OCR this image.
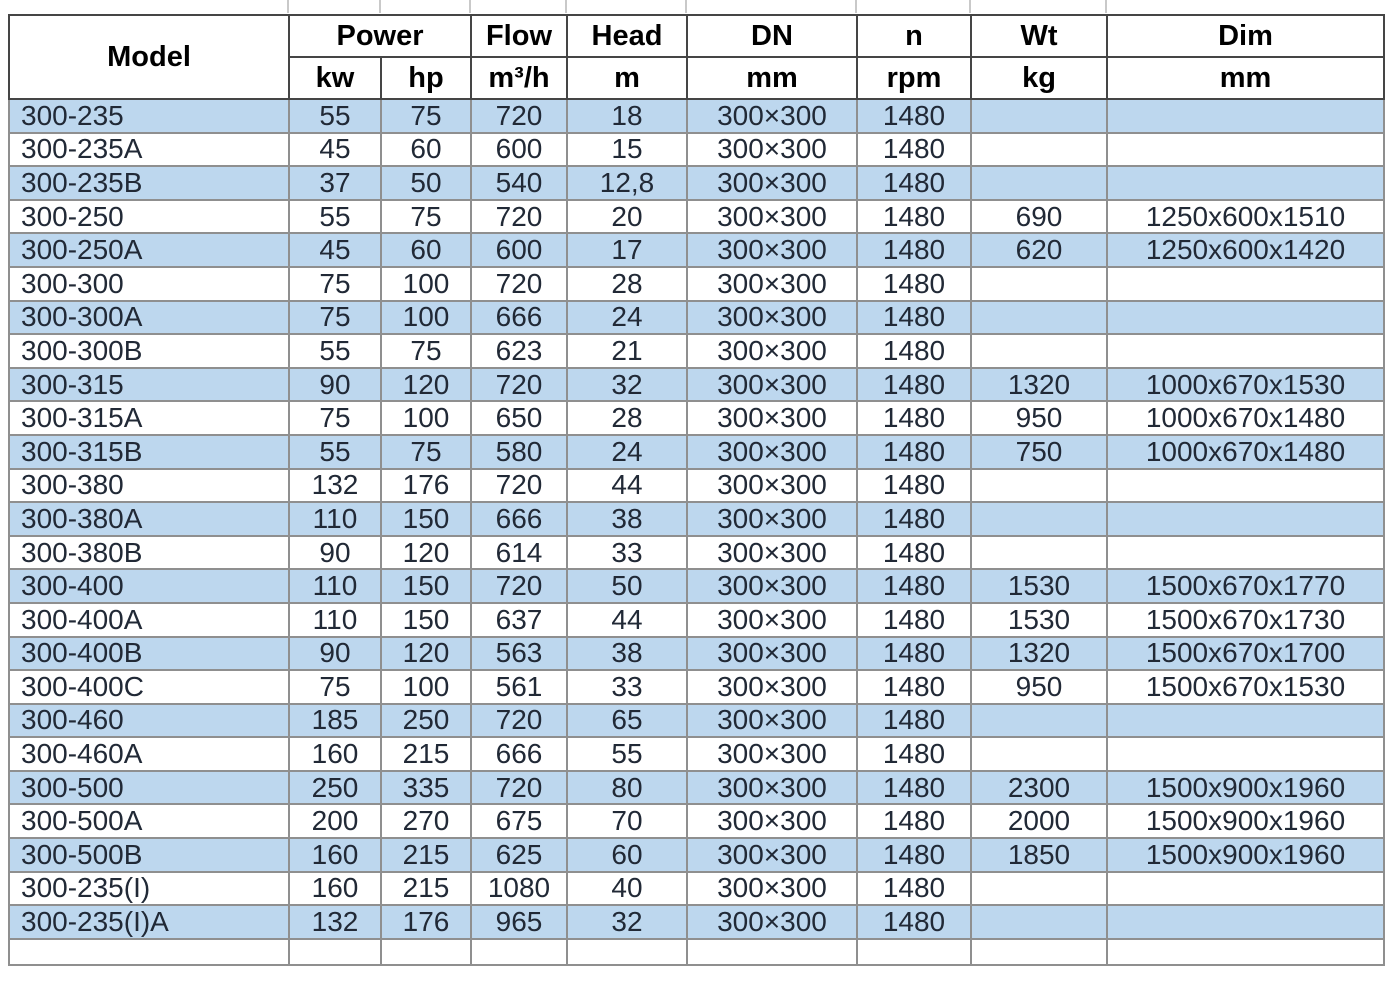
Model	Power		Flow	Head	DN	n	Wt	Dim
	kw	hp	m³/h	m	mm	rpm	kg	mm
300-235	55	75	720	18	300×300	1480		
300-235A	45	60	600	15	300×300	1480		
300-235B	37	50	540	12,8	300×300	1480		
300-250	55	75	720	20	300×300	1480	690	1250x600x1510
300-250A	45	60	600	17	300×300	1480	620	1250x600x1420
300-300	75	100	720	28	300×300	1480		
300-300A	75	100	666	24	300×300	1480		
300-300B	55	75	623	21	300×300	1480		
300-315	90	120	720	32	300×300	1480	1320	1000x670x1530
300-315A	75	100	650	28	300×300	1480	950	1000x670x1480
300-315B	55	75	580	24	300×300	1480	750	1000x670x1480
300-380	132	176	720	44	300×300	1480		
300-380A	110	150	666	38	300×300	1480		
300-380B	90	120	614	33	300×300	1480		
300-400	110	150	720	50	300×300	1480	1530	1500x670x1770
300-400A	110	150	637	44	300×300	1480	1530	1500x670x1730
300-400B	90	120	563	38	300×300	1480	1320	1500x670x1700
300-400C	75	100	561	33	300×300	1480	950	1500x670x1530
300-460	185	250	720	65	300×300	1480		
300-460A	160	215	666	55	300×300	1480		
300-500	250	335	720	80	300×300	1480	2300	1500x900x1960
300-500A	200	270	675	70	300×300	1480	2000	1500x900x1960
300-500B	160	215	625	60	300×300	1480	1850	1500x900x1960
300-235(I)	160	215	1080	40	300×300	1480		
300-235(I)A	132	176	965	32	300×300	1480		
